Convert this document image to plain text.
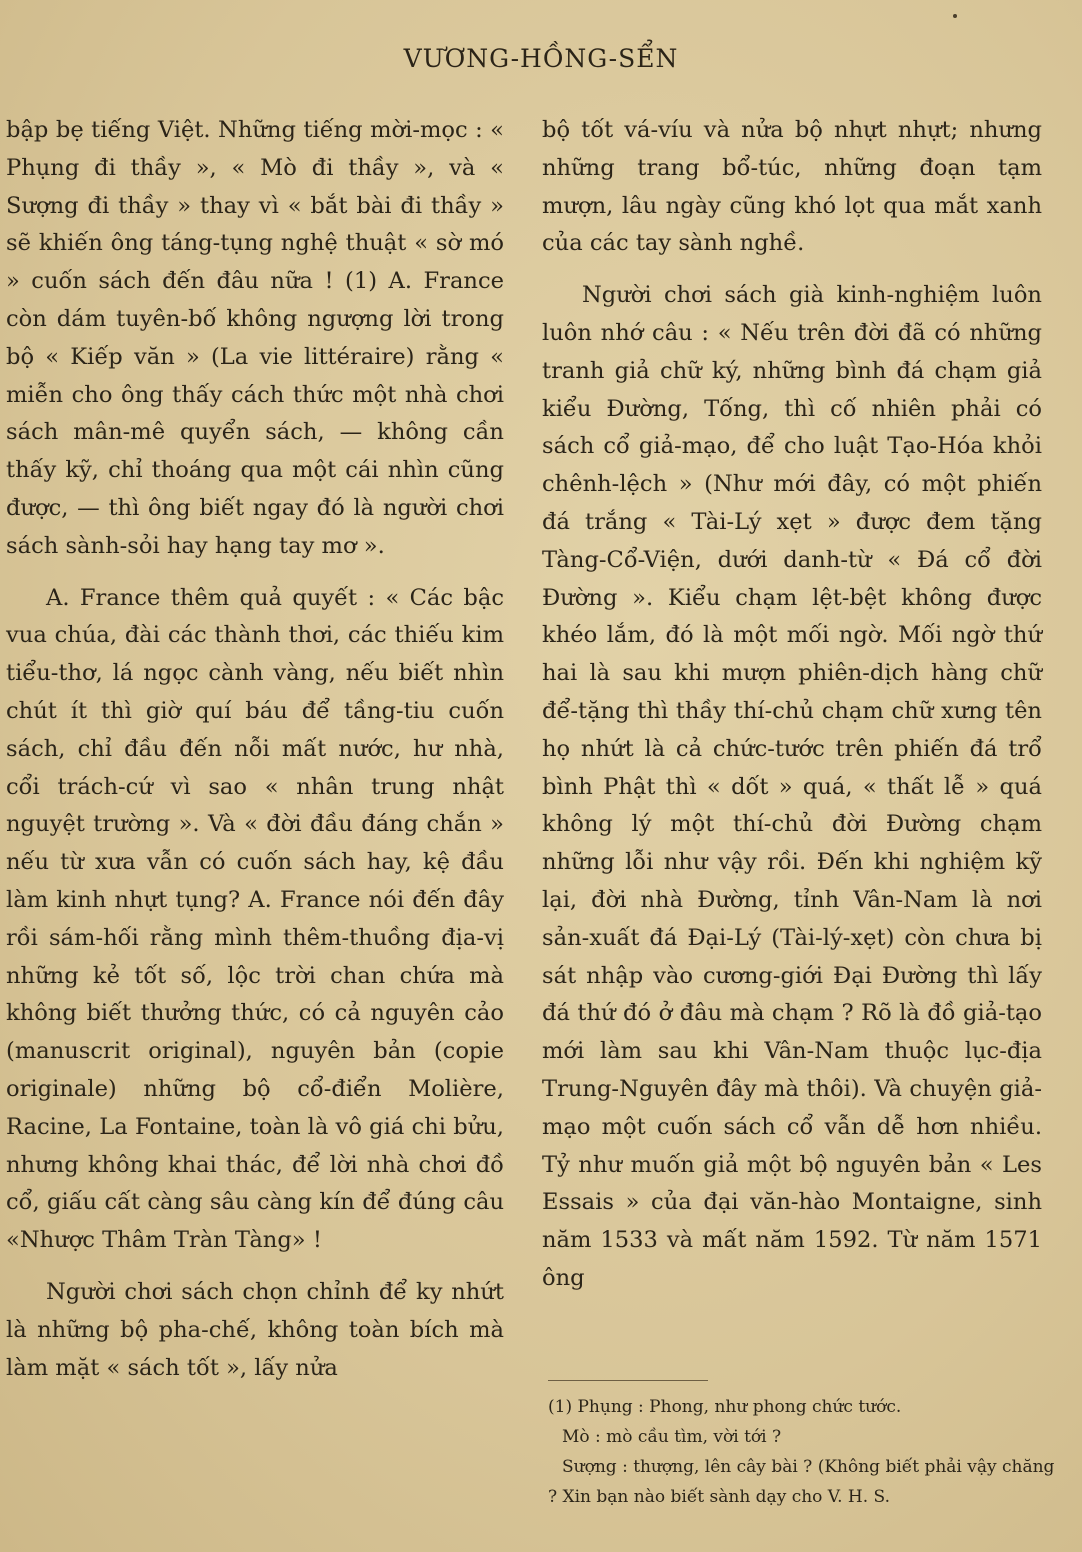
VƯƠNG-HỒNG-SỂN

bập bẹ tiếng Việt. Những tiếng mời-mọc : « Phụng đi thầy », « Mò đi thầy », và « Sượng đi thầy » thay vì « bắt bài đi thầy » sẽ khiến ông táng-tụng nghệ thuật « sờ mó » cuốn sách đến đâu nữa ! (1) A. France còn dám tuyên-bố không ngượng lời trong bộ « Kiếp văn » (La vie littéraire) rằng « miễn cho ông thấy cách thức một nhà chơi sách mân-mê quyển sách, — không cần thấy kỹ, chỉ thoáng qua một cái nhìn cũng được, — thì ông biết ngay đó là người chơi sách sành-sỏi hay hạng tay mơ ».

A. France thêm quả quyết : « Các bậc vua chúa, đài các thành thơi, các thiếu kim tiểu-thơ, lá ngọc cành vàng, nếu biết nhìn chút ít thì giờ quí báu để tầng-tiu cuốn sách, chỉ đầu đến nỗi mất nước, hư nhà, cổi trách-cứ vì sao « nhân trung nhật nguyệt trường ». Và « đời đầu đáng chắn » nếu từ xưa vẫn có cuốn sách hay, kệ đầu làm kinh nhựt tụng? A. France nói đến đây rồi sám-hối rằng mình thêm-thuồng địa-vị những kẻ tốt số, lộc trời chan chứa mà không biết thưởng thức, có cả nguyên cảo (manuscrit original), nguyên bản (copie originale) những bộ cổ-điển Molière, Racine, La Fontaine, toàn là vô giá chi bửu, nhưng không khai thác, để lời nhà chơi đồ cổ, giấu cất càng sâu càng kín để đúng câu «Nhược Thâm Tràn Tàng» !

Người chơi sách chọn chỉnh để ky nhứt là những bộ pha-chế, không toàn bích mà làm mặt « sách tốt », lấy nửa

bộ tốt vá-víu và nửa bộ nhựt nhựt; nhưng những trang bổ-túc, những đoạn tạm mượn, lâu ngày cũng khó lọt qua mắt xanh của các tay sành nghề.

Người chơi sách già kinh-nghiệm luôn luôn nhớ câu : « Nếu trên đời đã có những tranh giả chữ ký, những bình đá chạm giả kiểu Đường, Tống, thì cố nhiên phải có sách cổ giả-mạo, để cho luật Tạo-Hóa khỏi chênh-lệch » (Như mới đây, có một phiến đá trắng « Tài-Lý xẹt » được đem tặng Tàng-Cổ-Viện, dưới danh-từ « Đá cổ đời Đường ». Kiểu chạm lệt-bệt không được khéo lắm, đó là một mối ngờ. Mối ngờ thứ hai là sau khi mượn phiên-dịch hàng chữ để-tặng thì thầy thí-chủ chạm chữ xưng tên họ nhứt là cả chức-tước trên phiến đá trổ bình Phật thì « dốt » quá, « thất lễ » quá không lý một thí-chủ đời Đường chạm những lỗi như vậy rồi. Đến khi nghiệm kỹ lại, đời nhà Đường, tỉnh Vân-Nam là nơi sản-xuất đá Đại-Lý (Tài-lý-xẹt) còn chưa bị sát nhập vào cương-giới Đại Đường thì lấy đá thứ đó ở đâu mà chạm ? Rõ là đồ giả-tạo mới làm sau khi Vân-Nam thuộc lục-địa Trung-Nguyên đây mà thôi). Và chuyện giả-mạo một cuốn sách cổ vẫn dễ hơn nhiều. Tỷ như muốn giả một bộ nguyên bản « Les Essais » của đại văn-hào Montaigne, sinh năm 1533 và mất năm 1592. Từ năm 1571 ông

(1) Phụng : Phong, như phong chức tước.

Mò : mò cầu tìm, vời tới ?

Sượng : thượng, lên cây bài ? (Không biết phải vậy chăng ? Xin bạn nào biết sành dạy cho V. H. S.
